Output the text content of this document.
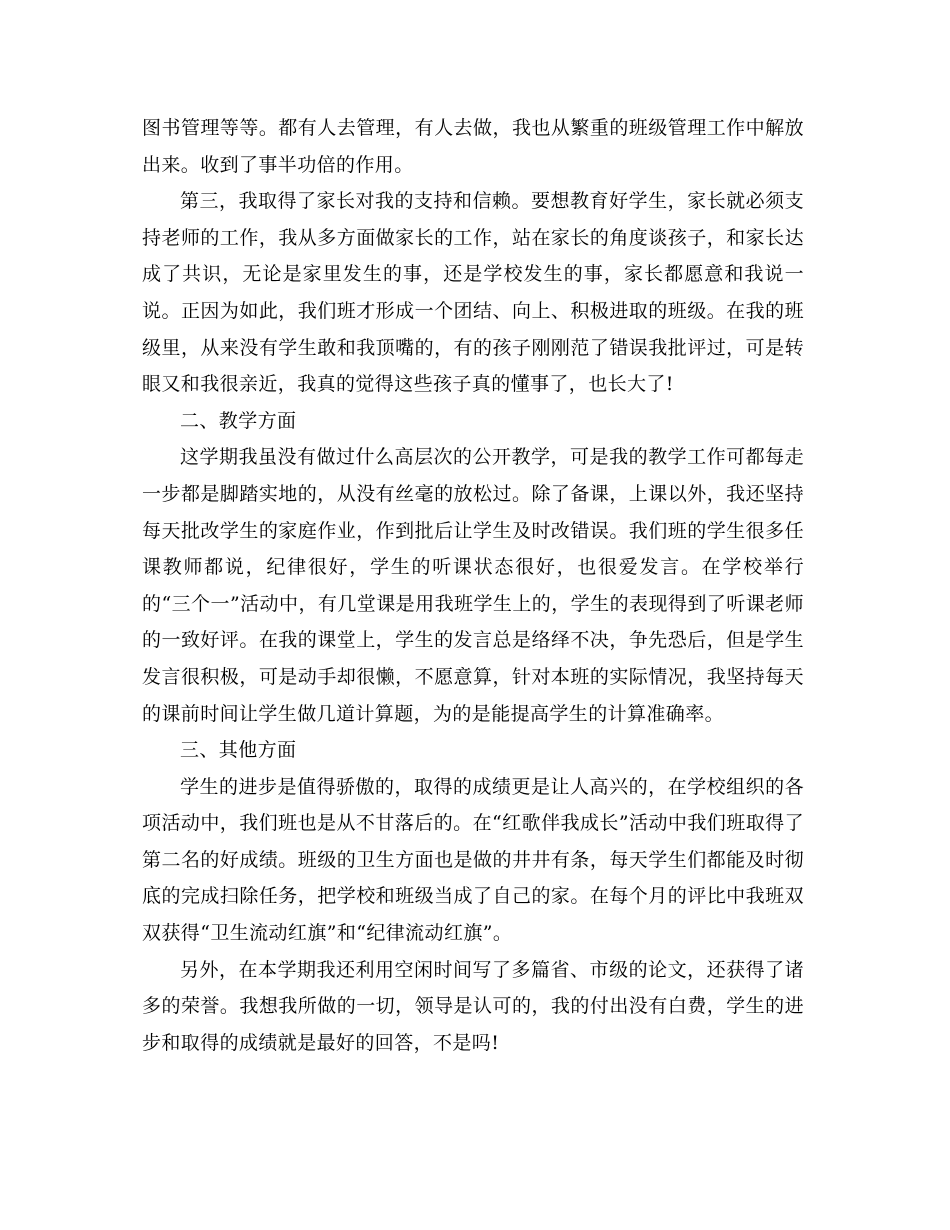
图书管理等等。都有人去管理，有人去做，我也从繁重的班级管理工作中解放出来。收到了事半功倍的作用。

第三，我取得了家长对我的支持和信赖。要想教育好学生，家长就必须支持老师的工作，我从多方面做家长的工作，站在家长的角度谈孩子，和家长达成了共识，无论是家里发生的事，还是学校发生的事，家长都愿意和我说一说。正因为如此，我们班才形成一个团结、向上、积极进取的班级。在我的班级里，从来没有学生敢和我顶嘴的，有的孩子刚刚范了错误我批评过，可是转眼又和我很亲近，我真的觉得这些孩子真的懂事了，也长大了!

二、教学方面

这学期我虽没有做过什么高层次的公开教学，可是我的教学工作可都每走一步都是脚踏实地的，从没有丝毫的放松过。除了备课，上课以外，我还坚持每天批改学生的家庭作业，作到批后让学生及时改错误。我们班的学生很多任课教师都说，纪律很好，学生的听课状态很好，也很爱发言。在学校举行的“三个一”活动中，有几堂课是用我班学生上的，学生的表现得到了听课老师的一致好评。在我的课堂上，学生的发言总是络绎不决，争先恐后，但是学生发言很积极，可是动手却很懒，不愿意算，针对本班的实际情况，我坚持每天的课前时间让学生做几道计算题，为的是能提高学生的计算准确率。

三、其他方面

学生的进步是值得骄傲的，取得的成绩更是让人高兴的，在学校组织的各项活动中，我们班也是从不甘落后的。在“红歌伴我成长”活动中我们班取得了第二名的好成绩。班级的卫生方面也是做的井井有条，每天学生们都能及时彻底的完成扫除任务，把学校和班级当成了自己的家。在每个月的评比中我班双双获得“卫生流动红旗”和“纪律流动红旗”。

另外，在本学期我还利用空闲时间写了多篇省、市级的论文，还获得了诸多的荣誉。我想我所做的一切，领导是认可的，我的付出没有白费，学生的进步和取得的成绩就是最好的回答，不是吗!
